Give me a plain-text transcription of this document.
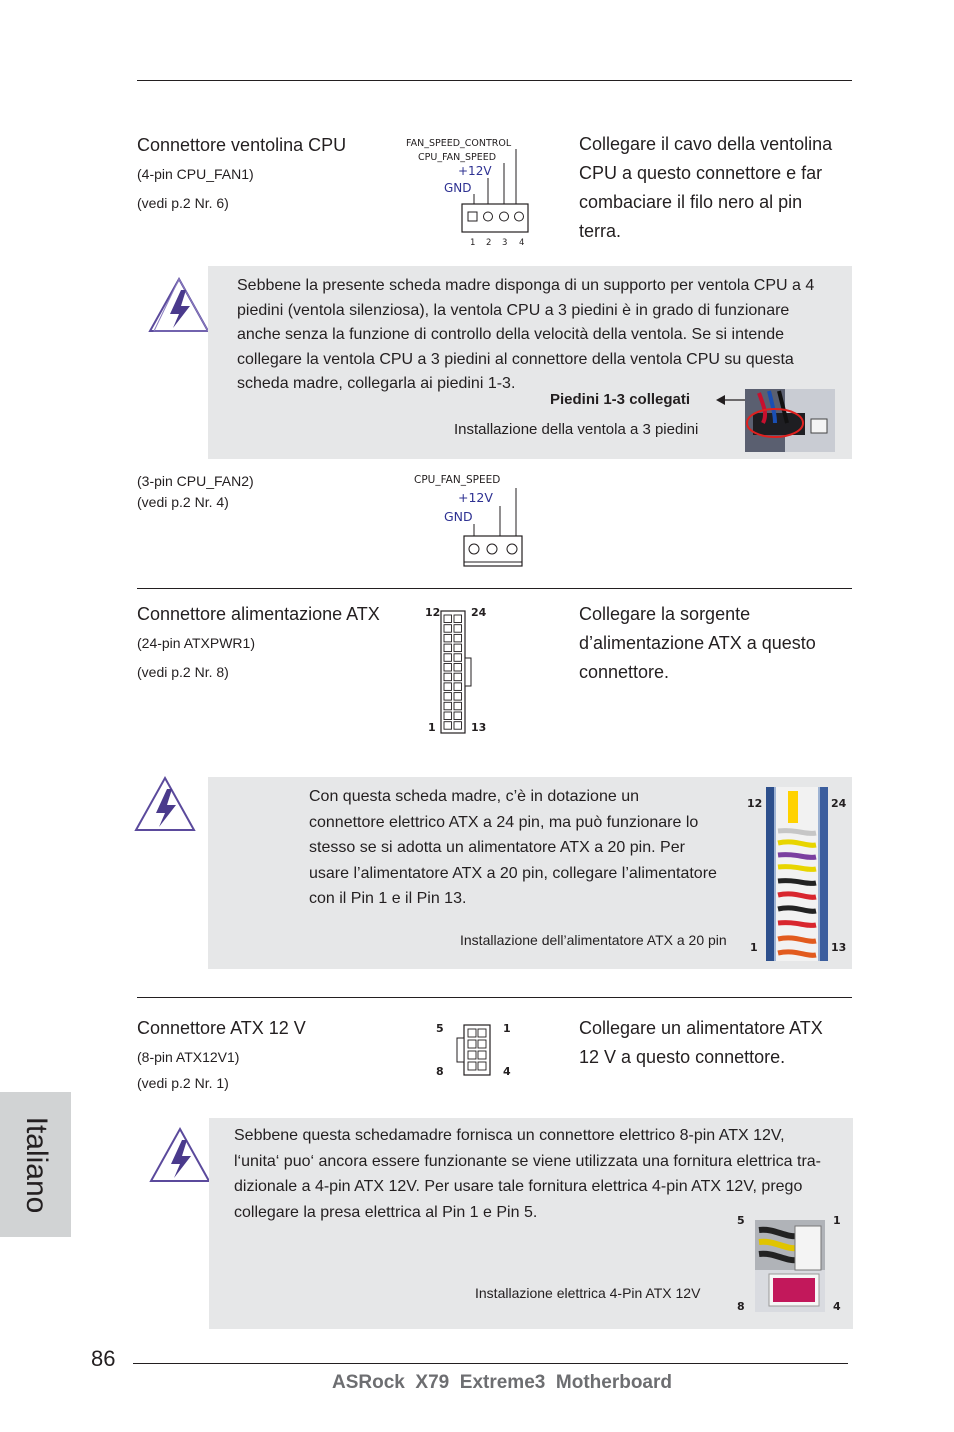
Italiano
Connettore ventolina CPU
(4-pin CPU_FAN1)
(vedi p.2 Nr. 6)
FAN_SPEED_CONTROL
CPU_FAN_SPEED
+12V
GND
1 2 3 4
Collegare il cavo della ventolina
CPU a questo connettore e far
combaciare il filo nero al pin
terra.
Sebbene la presente scheda madre disponga di un supporto per ventola CPU a 4
piedini (ventola silenziosa), la ventola CPU a 3 piedini è in grado di funzionare
anche senza la funzione di controllo della velocità della ventola. Se si intende
collegare la ventola CPU a 3 piedini al connettore della ventola CPU su questa
scheda madre, collegarla ai piedini 1-3.
Piedini 1-3 collegati
Installazione della ventola a 3 piedini
(3-pin CPU_FAN2)
(vedi p.2 Nr. 4)
CPU_FAN_SPEED
+12V
GND
Connettore alimentazione ATX
(24-pin ATXPWR1)
(vedi p.2 Nr. 8)
12	24
1	13
Collegare la sorgente
d’alimentazione ATX a questo
connettore.
Con questa scheda madre, c’è in dotazione un
connettore elettrico ATX a 24 pin, ma può funzionare lo
stesso se si adotta un alimentatore ATX a 20 pin. Per
usare l’alimentatore ATX a 20 pin, collegare l’alimentatore
con il Pin 1 e il Pin 13.
Installazione dell’alimentatore ATX a 20 pin
12	24
1	13
Connettore ATX 12 V
(8-pin ATX12V1)
(vedi p.2 Nr. 1)
5	1
8	4
Collegare un alimentatore ATX
12 V a questo connettore.
Sebbene questa schedamadre fornisca un connettore elettrico 8-pin ATX 12V,
l‘unita‘ puo‘ ancora essere funzionante se viene utilizzata una fornitura elettrica tra-
dizionale a 4-pin ATX 12V. Per usare tale fornitura elettrica 4-pin ATX 12V, prego
collegare la presa elettrica al Pin 1 e Pin 5.
Installazione elettrica 4-Pin ATX 12V
5	1
8	4
86
ASRock  X79  Extreme3  Motherboard
